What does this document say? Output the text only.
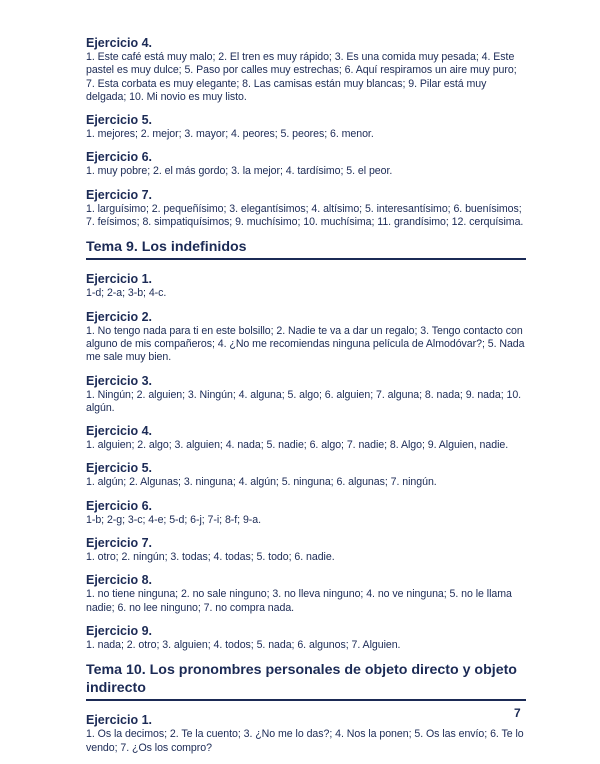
Ejercicio 4.
1. Este café está muy malo; 2. El tren es muy rápido; 3. Es una comida muy pesada; 4. Este pastel es muy dulce; 5. Paso por calles muy estrechas; 6. Aquí respiramos un aire muy puro; 7. Esta corbata es muy elegante; 8. Las camisas están muy blancas; 9. Pilar está muy delgada; 10. Mi novio es muy listo.
Ejercicio 5.
1. mejores; 2. mejor; 3. mayor; 4. peores; 5. peores; 6. menor.
Ejercicio 6.
1. muy pobre; 2. el más gordo; 3. la mejor; 4. tardísimo; 5. el peor.
Ejercicio 7.
1. larguísimo; 2. pequeñísimo; 3. elegantísimos; 4. altísimo; 5. interesantísimo; 6. buenísimos; 7. feísimos; 8. simpatiquísimos; 9. muchísimo; 10. muchísima; 11. grandísimo; 12. cerquísima.
Tema 9. Los indefinidos
Ejercicio 1.
1-d; 2-a; 3-b; 4-c.
Ejercicio 2.
1. No tengo nada para ti en este bolsillo; 2. Nadie te va a dar un regalo; 3. Tengo contacto con alguno de mis compañeros; 4. ¿No me recomiendas ninguna película de Almodóvar?; 5. Nada me sale muy bien.
Ejercicio 3.
1. Ningún; 2. alguien; 3. Ningún; 4. alguna; 5. algo; 6. alguien; 7. alguna; 8. nada; 9. nada; 10. algún.
Ejercicio 4.
1. alguien; 2. algo; 3. alguien; 4. nada; 5. nadie; 6. algo; 7. nadie; 8. Algo; 9. Alguien, nadie.
Ejercicio 5.
1. algún; 2. Algunas; 3. ninguna; 4. algún; 5. ninguna; 6. algunas; 7. ningún.
Ejercicio 6.
1-b; 2-g; 3-c; 4-e; 5-d; 6-j; 7-i; 8-f; 9-a.
Ejercicio 7.
1. otro; 2. ningún; 3. todas; 4. todas; 5. todo; 6. nadie.
Ejercicio 8.
1. no tiene ninguna; 2. no sale ninguno; 3. no lleva ninguno; 4. no ve ninguna; 5. no le llama nadie; 6. no lee ninguno; 7. no compra nada.
Ejercicio 9.
1. nada; 2. otro; 3. alguien; 4. todos; 5. nada; 6. algunos; 7. Alguien.
Tema 10. Los pronombres personales de objeto directo y objeto indirecto
Ejercicio 1.
1. Os la decimos; 2. Te la cuento; 3. ¿No me lo das?; 4. Nos la ponen; 5. Os las envío; 6. Te lo vendo; 7. ¿Os los compro?
7
